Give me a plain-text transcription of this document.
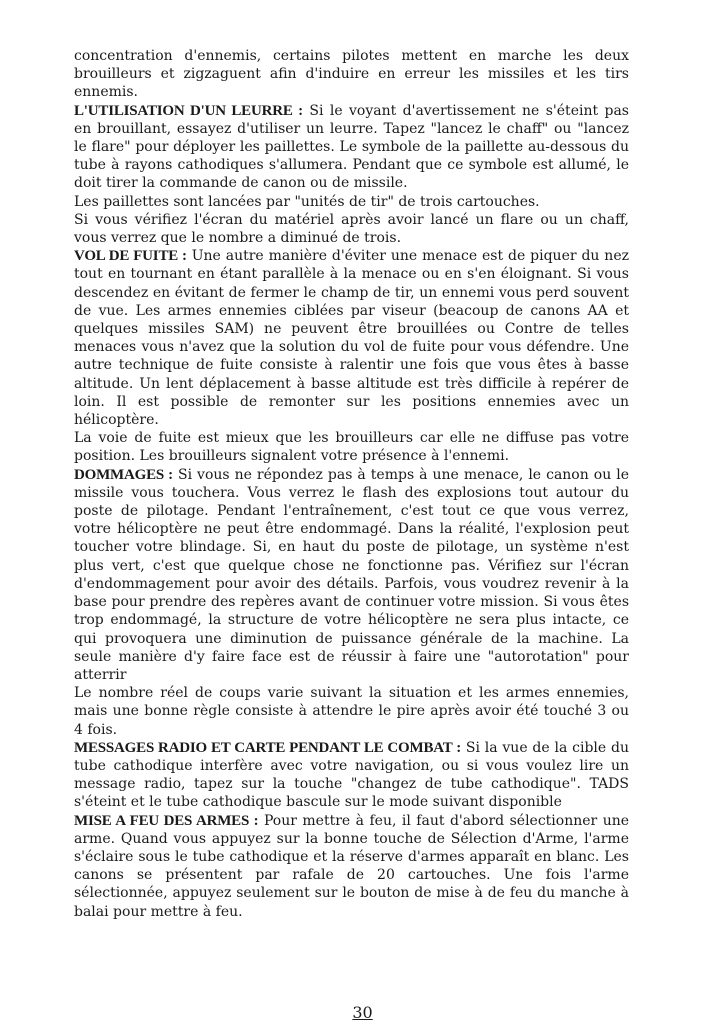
concentration d'ennemis, certains pilotes mettent en marche les deux brouilleurs et zigzaguent afin d'induire en erreur les missiles et les tirs ennemis.

L'UTILISATION D'UN LEURRE : Si le voyant d'avertissement ne s'éteint pas en brouillant, essayez d'utiliser un leurre. Tapez "lancez le chaff" ou "lancez le flare" pour déployer les paillettes. Le symbole de la paillette au-dessous du tube à rayons cathodiques s'allumera. Pendant que ce symbole est allumé, le doit tirer la commande de canon ou de missile.

Les paillettes sont lancées par "unités de tir" de trois cartouches.

Si vous vérifiez l'écran du matériel après avoir lancé un flare ou un chaff, vous verrez que le nombre a diminué de trois.

VOL DE FUITE : Une autre manière d'éviter une menace est de piquer du nez tout en tournant en étant parallèle à la menace ou en s'en éloignant. Si vous descendez en évitant de fermer le champ de tir, un ennemi vous perd souvent de vue. Les armes ennemies ciblées par viseur (beacoup de canons AA et quelques missiles SAM) ne peuvent être brouillées ou Contre de telles menaces vous n'avez que la solution du vol de fuite pour vous défendre. Une autre technique de fuite consiste à ralentir une fois que vous êtes à basse altitude. Un lent déplacement à basse altitude est très difficile à repérer de loin. Il est possible de remonter sur les positions ennemies avec un hélicoptère.

La voie de fuite est mieux que les brouilleurs car elle ne diffuse pas votre position. Les brouilleurs signalent votre présence à l'ennemi.

DOMMAGES : Si vous ne répondez pas à temps à une menace, le canon ou le missile vous touchera. Vous verrez le flash des explosions tout autour du poste de pilotage. Pendant l'entraînement, c'est tout ce que vous verrez, votre hélicoptère ne peut être endommagé. Dans la réalité, l'explosion peut toucher votre blindage. Si, en haut du poste de pilotage, un système n'est plus vert, c'est que quelque chose ne fonctionne pas. Vérifiez sur l'écran d'endommagement pour avoir des détails. Parfois, vous voudrez revenir à la base pour prendre des repères avant de continuer votre mission. Si vous êtes trop endommagé, la structure de votre hélicoptère ne sera plus intacte, ce qui provoquera une diminution de puissance générale de la machine. La seule manière d'y faire face est de réussir à faire une "autorotation" pour atterrir

Le nombre réel de coups varie suivant la situation et les armes ennemies, mais une bonne règle consiste à attendre le pire après avoir été touché 3 ou 4 fois.

MESSAGES RADIO ET CARTE PENDANT LE COMBAT : Si la vue de la cible du tube cathodique interfère avec votre navigation, ou si vous voulez lire un message radio, tapez sur la touche "changez de tube cathodique". TADS s'éteint et le tube cathodique bascule sur le mode suivant disponible

MISE A FEU DES ARMES : Pour mettre à feu, il faut d'abord sélectionner une arme. Quand vous appuyez sur la bonne touche de Sélection d'Arme, l'arme s'éclaire sous le tube cathodique et la réserve d'armes apparaît en blanc. Les canons se présentent par rafale de 20 cartouches. Une fois l'arme sélectionnée, appuyez seulement sur le bouton de mise à de feu du manche à balai pour mettre à feu.

30
